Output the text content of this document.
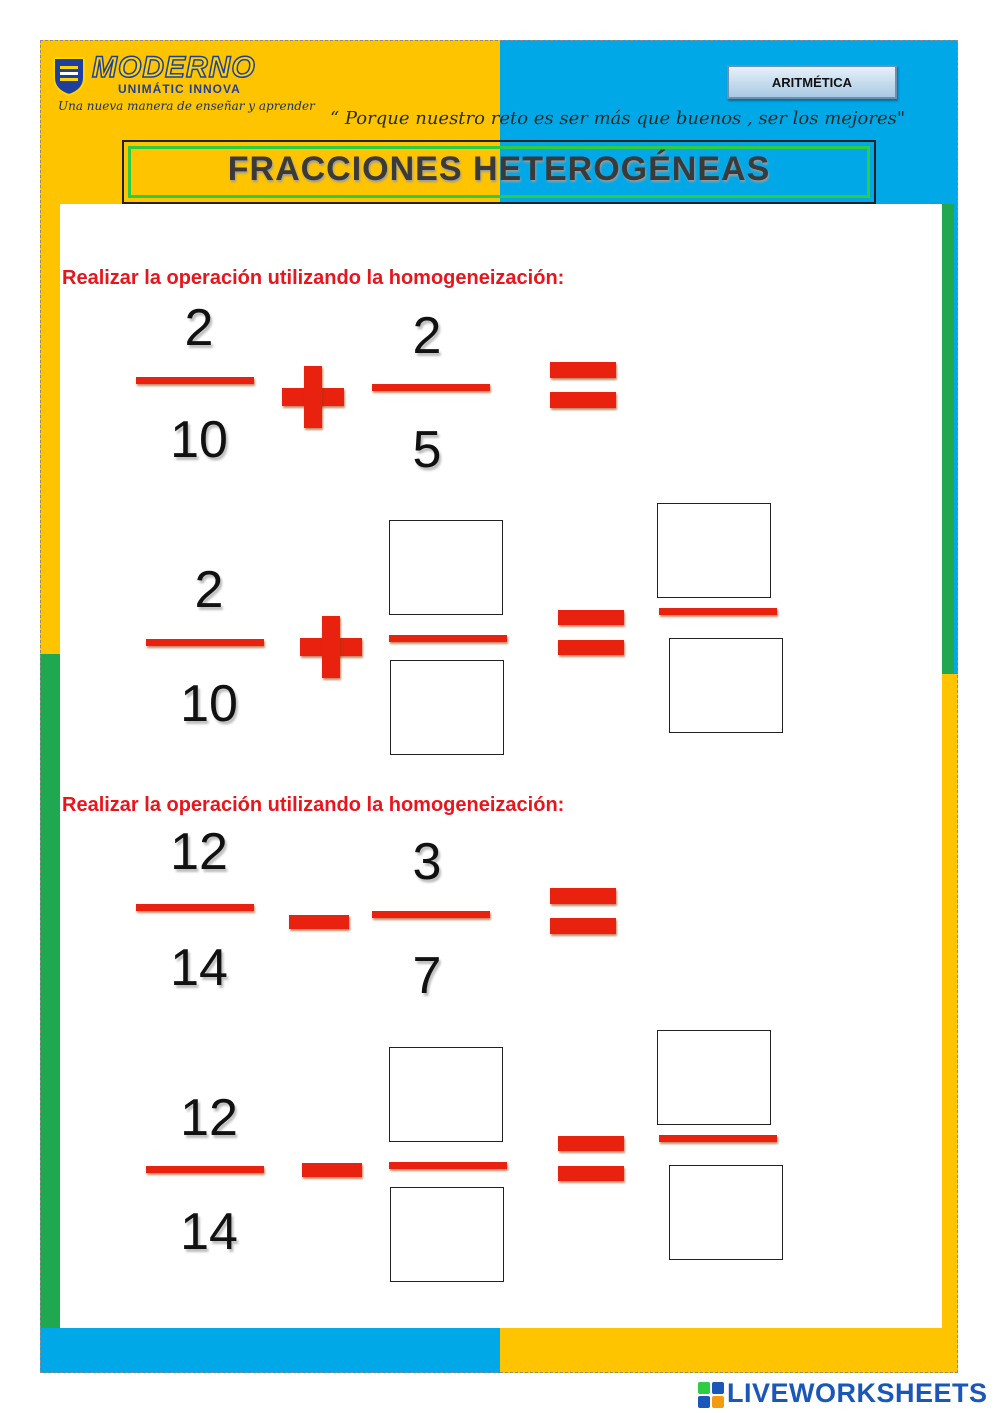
MODERNO
UNIMÁTIC INNOVA
Una nueva manera de enseñar y aprender
“ Porque nuestro reto es ser más que buenos , ser los mejores"
ARITMÉTICA
FRACCIONES HETEROGÉNEAS
Realizar la operación utilizando la homogeneización:
2
10
2
5
2
10
Realizar la operación utilizando la homogeneización:
12
14
3
7
12
14
LIVEWORKSHEETS
